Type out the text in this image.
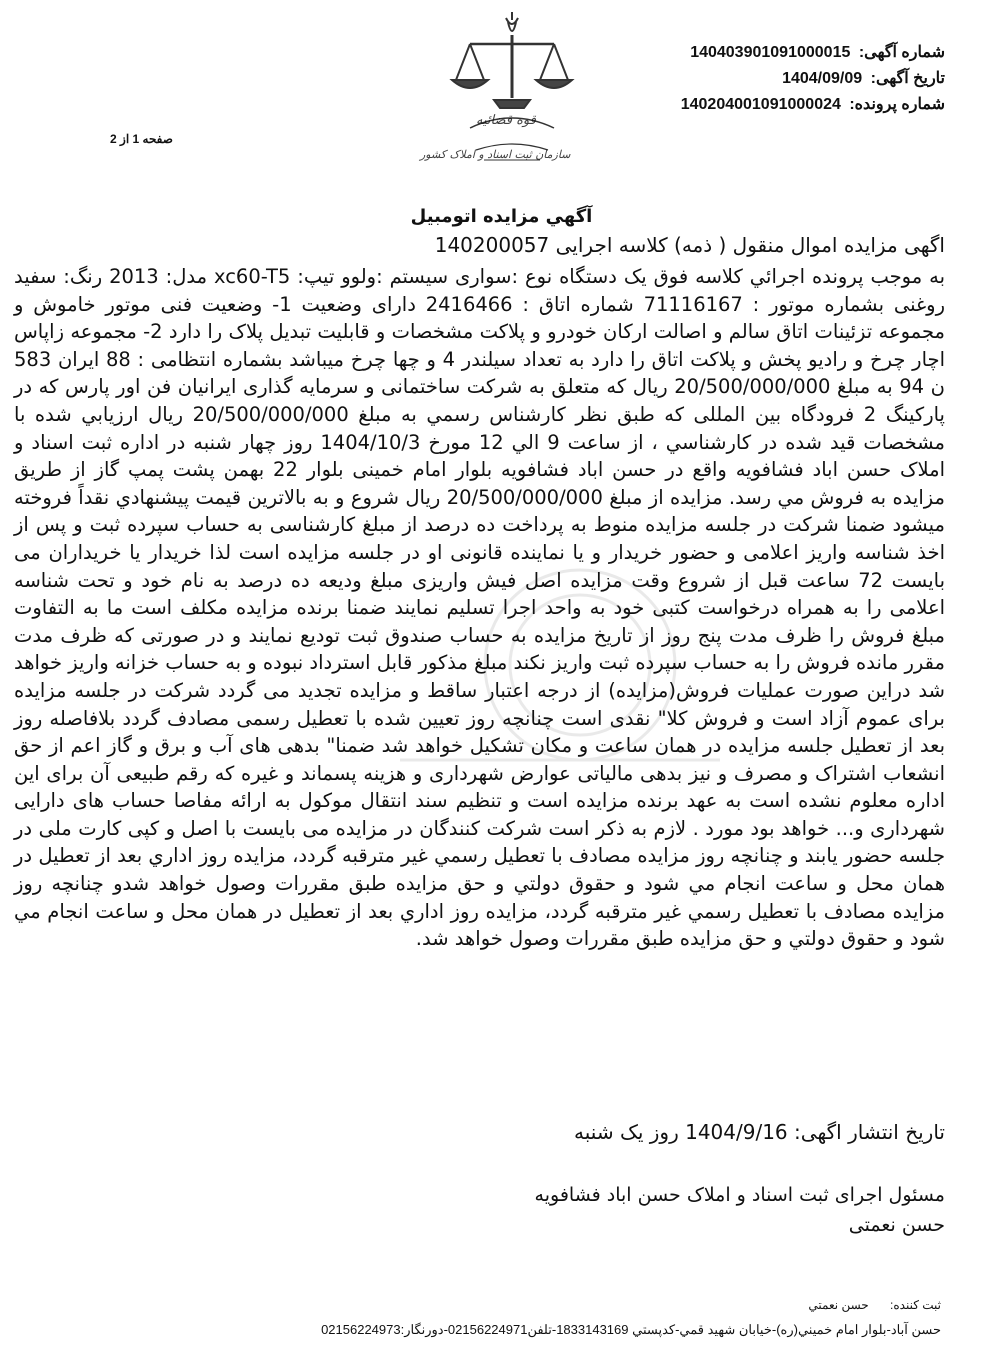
قوه قضائیه
سازمان ثبت اسناد و املاک کشور
شماره آگهی: 140403901091000015
تاریخ آگهی: 1404/09/09
شماره پرونده: 140204001091000024
صفحه 1 از 2
آگهي مزايده اتومبيل
اگهی مزایده اموال منقول ( ذمه) کلاسه اجرایی 140200057
به موجب پرونده اجرائي كلاسه فوق يک دستگاه نوع :سواری سیستم :ولوو تیپ: xc60-T5 مدل: 2013 رنگ: سفید روغنی بشماره موتور : 71116167 شماره اتاق : 2416466 دارای وضعیت 1- وضعیت فنی موتور خاموش و مجموعه تزئینات اتاق سالم و اصالت ارکان خودرو و پلاکت مشخصات و قابلیت تبدیل پلاک را دارد 2- مجموعه زاپاس اچار چرخ و رادیو پخش و پلاکت اتاق را دارد به تعداد سیلندر 4 و چها چرخ میباشد بشماره انتظامی : 88 ایران 583 ن 94 به مبلغ 20/500/000/000 ریال که متعلق به شرکت ساختمانی و سرمایه گذاری ایرانیان فن اور پارس که در پارکینگ 2 فرودگاه بین المللی که طبق نظر کارشناس رسمي به مبلغ 20/500/000/000 ريال ارزيابي شده با مشخصات قيد شده در كارشناسي ، از ساعت 9 الي 12 مورخ 1404/10/3 روز چهار شنبه در اداره ثبت اسناد و املاک حسن اباد فشافویه واقع در حسن اباد فشافویه بلوار امام خمینی بلوار 22 بهمن پشت پمپ گاز از طريق مزايده به فروش مي رسد. مزايده از مبلغ 20/500/000/000 ريال شروع و به بالاترين قيمت پيشنهادي نقداً فروخته ميشود ضمنا شرکت در جلسه مزایده منوط به پرداخت ده درصد از مبلغ کارشناسی به حساب سپرده ثبت و پس از اخذ شناسه واریز اعلامی و حضور خریدار و یا نماینده قانونی او در جلسه مزایده است لذا خریدار یا خریداران می بایست 72 ساعت قبل از شروع وقت مزایده اصل فیش واریزی مبلغ ودیعه ده درصد به نام خود و تحت شناسه اعلامی را به همراه درخواست کتبی خود به واحد اجرا تسلیم نمایند ضمنا برنده مزایده مکلف است ما به التفاوت مبلغ فروش را ظرف مدت پنج روز از تاریخ مزایده به حساب صندوق ثبت تودیع نمایند و در صورتی که ظرف مدت مقرر مانده فروش را به حساب سپرده ثبت واریز نکند مبلغ مذکور قابل استرداد نبوده و به حساب خزانه واریز خواهد شد دراین صورت عملیات فروش(مزایده) از درجه اعتبار ساقط و مزایده تجدید می گردد شرکت در جلسه مزایده برای عموم آزاد است و فروش کلا" نقدی است چنانچه روز تعیین شده با تعطیل رسمی مصادف گردد بلافاصله روز بعد از تعطیل جلسه مزایده در همان ساعت و مکان تشکیل خواهد شد ضمنا" بدهی های آب و برق و گاز اعم از حق انشعاب اشتراک و مصرف و نیز بدهی مالیاتی عوارض شهرداری و هزینه پسماند و غیره که رقم طبیعی آن برای این اداره معلوم نشده است به عهد برنده مزایده است و تنظیم سند انتقال موکول به ارائه مفاصا حساب های دارایی شهرداری و... خواهد بود مورد . لازم به ذکر است شرکت کنندگان در مزایده می بایست با اصل و کپی کارت ملی در جلسه حضور یابند و چنانچه روز مزايده مصادف با تعطيل رسمي غير مترقبه گردد، مزايده روز اداري بعد از تعطيل در همان محل و ساعت انجام مي شود و حقوق دولتي و حق مزايده طبق مقررات وصول خواهد شدو چنانچه روز مزايده مصادف با تعطيل رسمي غير مترقبه گردد، مزايده روز اداري بعد از تعطيل در همان محل و ساعت انجام مي شود و حقوق دولتي و حق مزايده طبق مقررات وصول خواهد شد.
تاریخ انتشار اگهی: 1404/9/16 روز یک شنبه
مسئول اجرای ثبت اسناد و املاک حسن اباد فشافویه
حسن نعمتی
ثبت کننده: حسن نعمتي
حسن آباد-بلوار امام خميني(ره)-خيابان شهيد قمي-كدپستي 1833143169-تلفن02156224971-دورنگار:02156224973
